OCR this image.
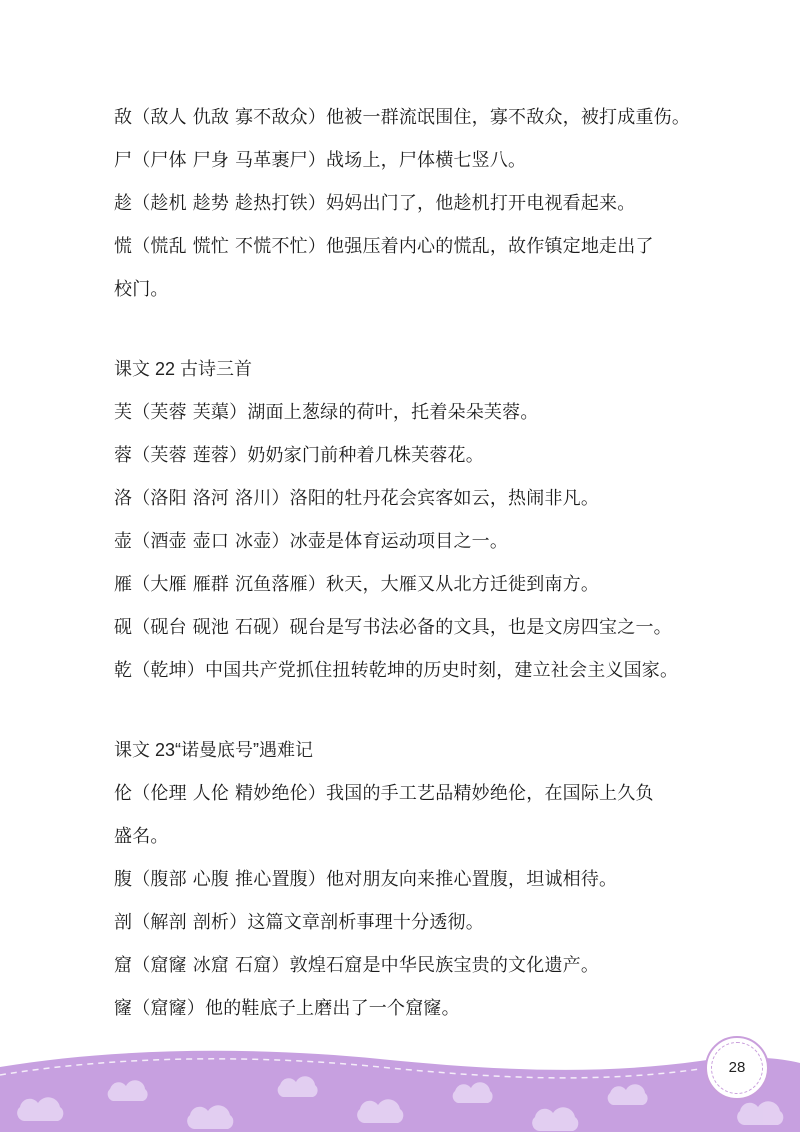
敌（敌人 仇敌 寡不敌众）他被一群流氓围住，寡不敌众，被打成重伤。
尸（尸体 尸身 马革裹尸）战场上，尸体横七竖八。
趁（趁机 趁势 趁热打铁）妈妈出门了，他趁机打开电视看起来。
慌（慌乱 慌忙 不慌不忙）他强压着内心的慌乱，故作镇定地走出了
校门。
课文 22 古诗三首
芙（芙蓉 芙蕖）湖面上葱绿的荷叶，托着朵朵芙蓉。
蓉（芙蓉 莲蓉）奶奶家门前种着几株芙蓉花。
洛（洛阳 洛河 洛川）洛阳的牡丹花会宾客如云，热闹非凡。
壶（酒壶 壶口 冰壶）冰壶是体育运动项目之一。
雁（大雁 雁群 沉鱼落雁）秋天，大雁又从北方迁徙到南方。
砚（砚台 砚池 石砚）砚台是写书法必备的文具，也是文房四宝之一。
乾（乾坤）中国共产党抓住扭转乾坤的历史时刻，建立社会主义国家。
课文 23“诺曼底号”遇难记
伦（伦理 人伦 精妙绝伦）我国的手工艺品精妙绝伦，在国际上久负
盛名。
腹（腹部 心腹 推心置腹）他对朋友向来推心置腹，坦诚相待。
剖（解剖 剖析）这篇文章剖析事理十分透彻。
窟（窟窿 冰窟 石窟）敦煌石窟是中华民族宝贵的文化遗产。
窿（窟窿）他的鞋底子上磨出了一个窟窿。
28
